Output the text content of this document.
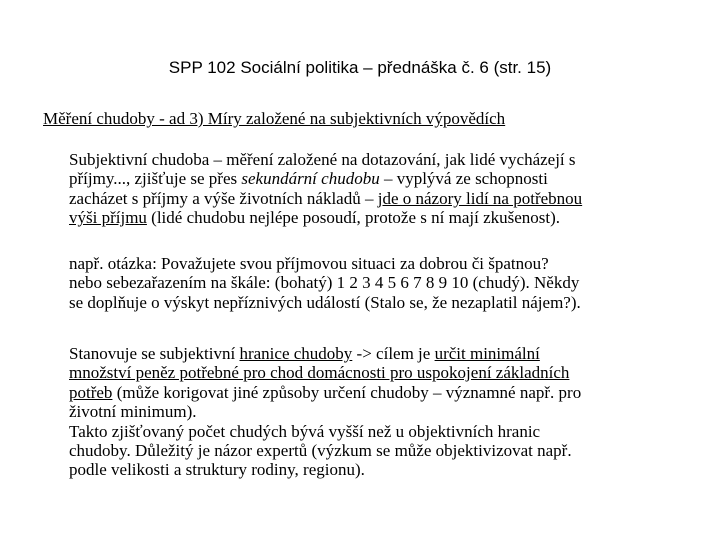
SPP 102 Sociální politika – přednáška č. 6 (str. 15)
Měření chudoby - ad 3) Míry založené na subjektivních výpovědích
Subjektivní chudoba – měření založené na dotazování, jak lidé vycházejí s
příjmy..., zjišťuje se přes sekundární chudobu – vyplývá ze schopnosti
zacházet s příjmy a výše životních nákladů – jde o názory lidí na potřebnou
výši příjmu (lidé chudobu nejlépe posoudí, protože s ní mají zkušenost).
např. otázka: Považujete svou příjmovou situaci za dobrou či špatnou?
nebo sebezařazením na škále: (bohatý) 1 2 3 4 5 6 7 8 9 10 (chudý). Někdy
se doplňuje o výskyt nepříznivých událostí (Stalo se, že nezaplatil nájem?).
Stanovuje se subjektivní hranice chudoby -> cílem je určit minimální
množství peněz potřebné pro chod domácnosti pro uspokojení základních
potřeb (může korigovat jiné způsoby určení chudoby – významné např. pro
životní minimum).
Takto zjišťovaný počet chudých bývá vyšší než u objektivních hranic
chudoby. Důležitý je názor expertů (výzkum se může objektivizovat např.
podle velikosti a struktury rodiny, regionu).
